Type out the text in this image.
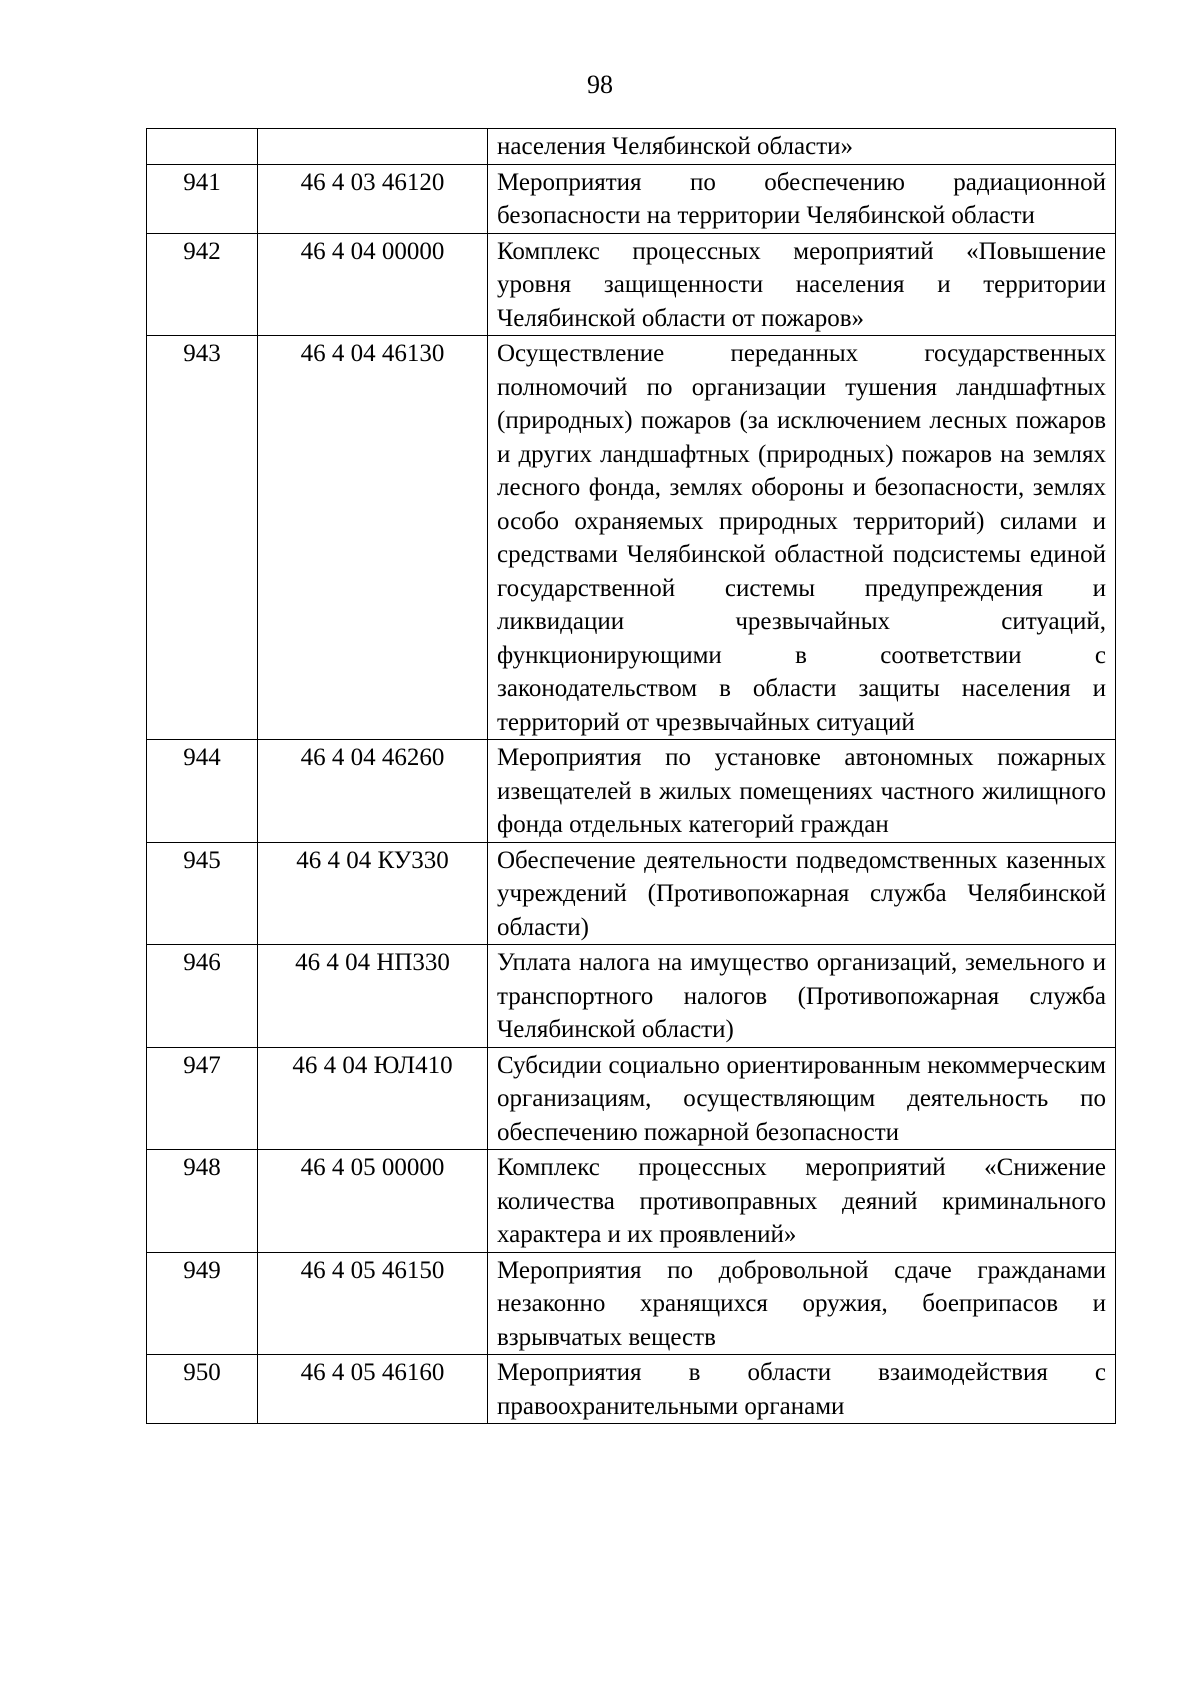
98
		населения Челябинской области»
941	46 4 03 46120	Мероприятия по обеспечению радиационной безопасности на территории Челябинской области
942	46 4 04 00000	Комплекс процессных мероприятий «Повышение уровня защищенности населения и территории Челябинской области от пожаров»
943	46 4 04 46130	Осуществление переданных государственных полномочий по организации тушения ландшафтных (природных) пожаров (за исключением лесных пожаров и других ландшафтных (природных) пожаров на землях лесного фонда, землях обороны и безопасности, землях особо охраняемых природных территорий) силами и средствами Челябинской областной подсистемы единой государственной системы предупреждения и ликвидации чрезвычайных ситуаций, функционирующими в соответствии с законодательством в области защиты населения и территорий от чрезвычайных ситуаций
944	46 4 04 46260	Мероприятия по установке автономных пожарных извещателей в жилых помещениях частного жилищного фонда отдельных категорий граждан
945	46 4 04 КУ330	Обеспечение деятельности подведомственных казенных учреждений (Противопожарная служба Челябинской области)
946	46 4 04 НП330	Уплата налога на имущество организаций, земельного и транспортного налогов (Противопожарная служба Челябинской области)
947	46 4 04 ЮЛ410	Субсидии социально ориентированным некоммерческим организациям, осуществляющим деятельность по обеспечению пожарной безопасности
948	46 4 05 00000	Комплекс процессных мероприятий «Снижение количества противоправных деяний криминального характера и их проявлений»
949	46 4 05 46150	Мероприятия по добровольной сдаче гражданами незаконно хранящихся оружия, боеприпасов и взрывчатых веществ
950	46 4 05 46160	Мероприятия в области взаимодействия с правоохранительными органами
